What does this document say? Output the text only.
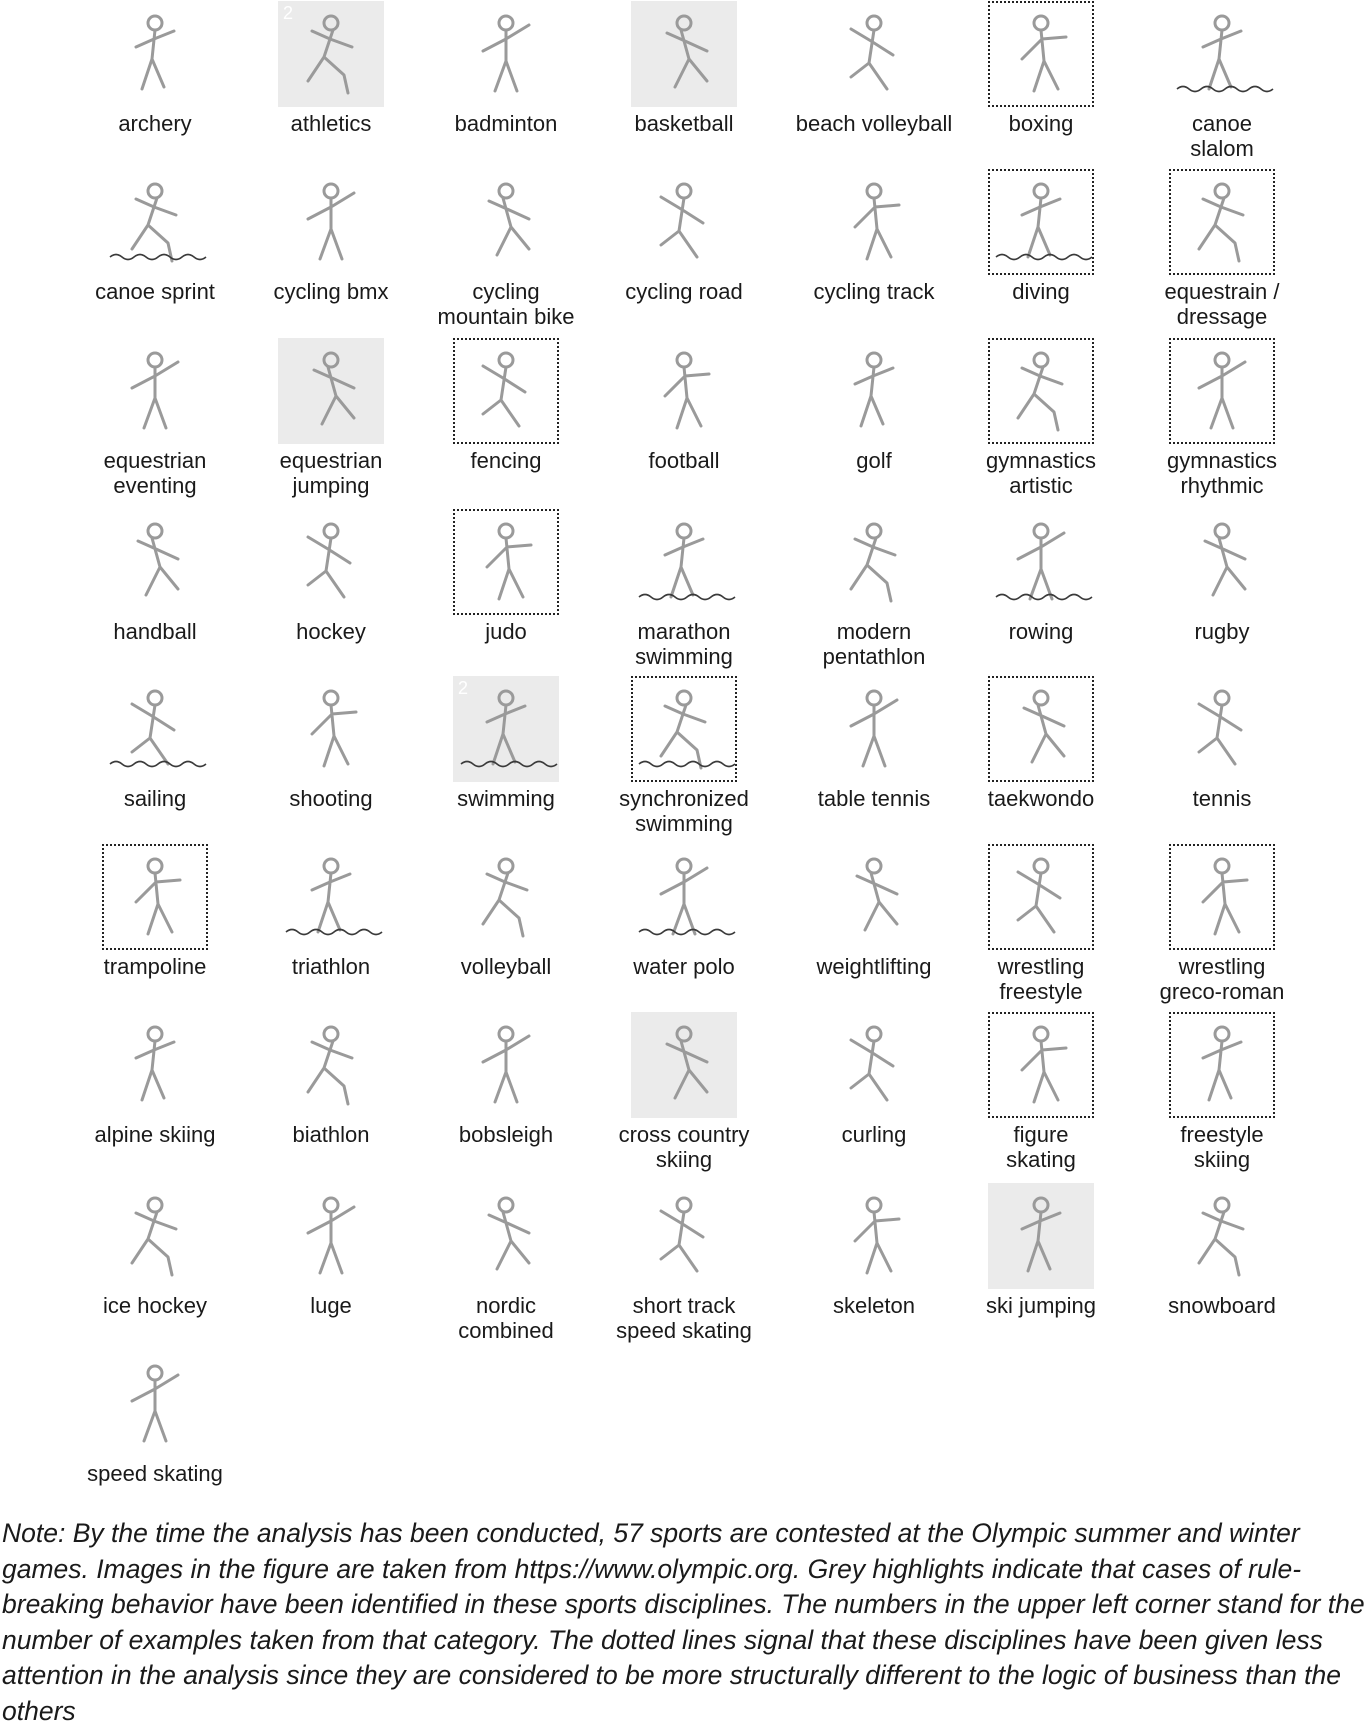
archery
2
athletics	badminton	basketball	beach volleyball	boxing	canoe
slalom
canoe sprint	cycling bmx	cycling
mountain bike
cycling road	cycling track	diving	equestrain /
dressage
equestrian
eventing
equestrian
jumping
fencing	football	golf	gymnastics
artistic
gymnastics
rhythmic
handball	hockey	judo	marathon
swimming
modern
pentathlon
rowing	rugby
sailing	shooting
2
swimming	synchronized
swimming
table tennis	taekwondo	tennis
trampoline	triathlon	volleyball	water polo	weightlifting	wrestling
freestyle
wrestling
greco-roman
alpine skiing	biathlon	bobsleigh	cross country
skiing
curling	figure
skating
freestyle
skiing
ice hockey	luge	nordic
combined
short track
speed skating
skeleton	ski jumping	snowboard
speed skating
Note: By the time the analysis has been conducted, 57 sports are contested at the Olympic summer and winter games. Images in the figure are taken from https://www.olympic.org. Grey highlights indicate that cases of rule-breaking behavior have been identified in these sports disciplines. The numbers in the upper left corner stand for the number of examples taken from that category. The dotted lines signal that these disciplines have been given less attention in the analysis since they are considered to be more structurally different to the logic of business than the others
